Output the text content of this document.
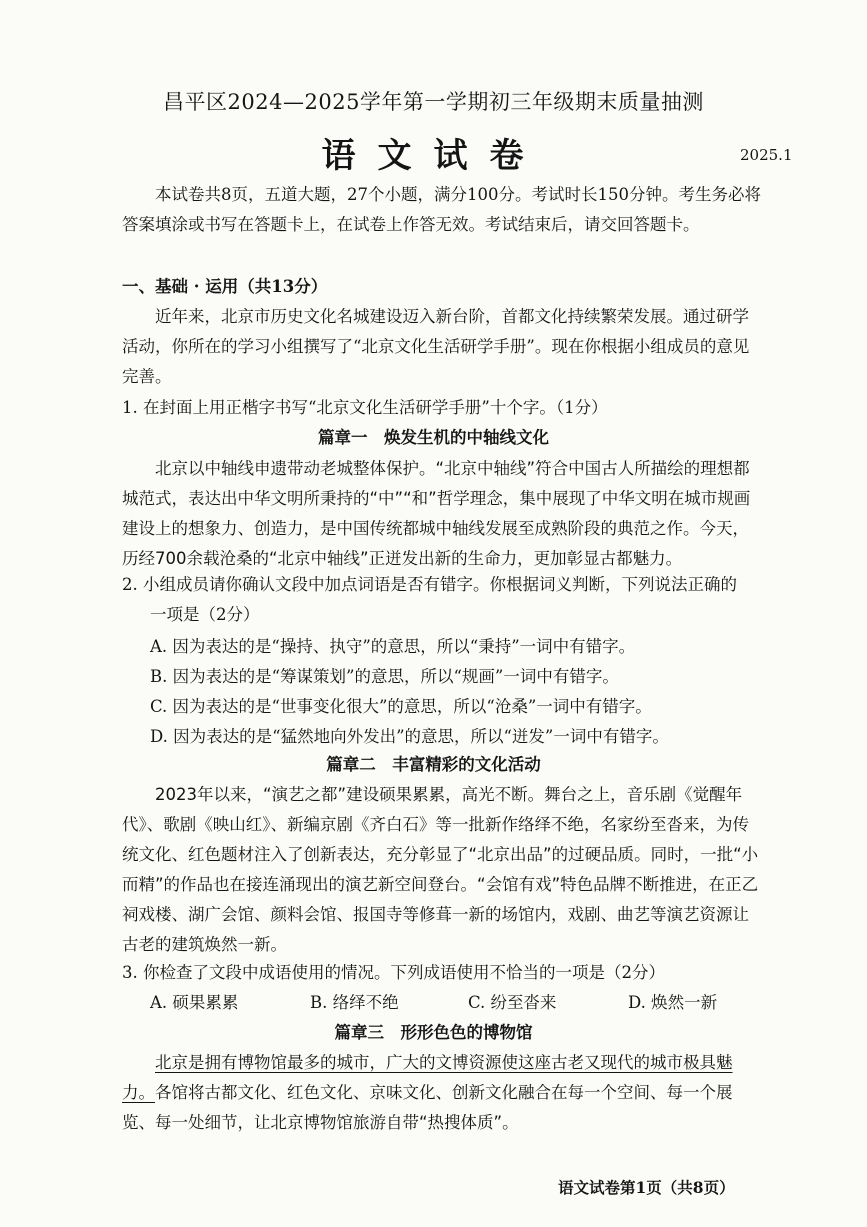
昌平区2024—2025学年第一学期初三年级期末质量抽测
语文试卷	2025.1
本试卷共8页，五道大题，27个小题，满分100分。考试时长150分钟。考生务必将答案填涂或书写在答题卡上，在试卷上作答无效。考试结束后，请交回答题卡。
一、基础 · 运用（共13分）
近年来，北京市历史文化名城建设迈入新台阶，首都文化持续繁荣发展。通过研学活动，你所在的学习小组撰写了“北京文化生活研学手册”。现在你根据小组成员的意见完善。
1. 在封面上用正楷字书写“北京文化生活研学手册”十个字。（1分）
篇章一　焕发生机的中轴线文化
北京以中轴线申遗带动老城整体保护。“北京中轴线”符合中国古人所描绘的理想都城范式，表达出中华文明所秉持的“中”“和”哲学理念，集中展现了中华文明在城市规画建设上的想象力、创造力，是中国传统都城中轴线发展至成熟阶段的典范之作。今天，历经700余载沧桑的“北京中轴线”正迸发出新的生命力，更加彰显古都魅力。
2. 小组成员请你确认文段中加点词语是否有错字。你根据词义判断，下列说法正确的
一项是（2分）
A. 因为表达的是“操持、执守”的意思，所以“秉持”一词中有错字。
B. 因为表达的是“筹谋策划”的意思，所以“规画”一词中有错字。
C. 因为表达的是“世事变化很大”的意思，所以“沧桑”一词中有错字。
D. 因为表达的是“猛然地向外发出”的意思，所以“迸发”一词中有错字。
篇章二　丰富精彩的文化活动
2023年以来，“演艺之都”建设硕果累累，高光不断。舞台之上，音乐剧《觉醒年代》、歌剧《映山红》、新编京剧《齐白石》等一批新作络绎不绝，名家纷至沓来，为传统文化、红色题材注入了创新表达，充分彰显了“北京出品”的过硬品质。同时，一批“小而精”的作品也在接连涌现出的演艺新空间登台。“会馆有戏”特色品牌不断推进，在正乙祠戏楼、湖广会馆、颜料会馆、报国寺等修葺一新的场馆内，戏剧、曲艺等演艺资源让古老的建筑焕然一新。
3. 你检查了文段中成语使用的情况。下列成语使用不恰当的一项是（2分）
A. 硕果累累	B. 络绎不绝	C. 纷至沓来	D. 焕然一新
篇章三　形形色色的博物馆
北京是拥有博物馆最多的城市，广大的文博资源使这座古老又现代的城市极具魅力。各馆将古都文化、红色文化、京味文化、创新文化融合在每一个空间、每一个展览、每一处细节，让北京博物馆旅游自带“热搜体质”。
语文试卷第1页（共8页）
